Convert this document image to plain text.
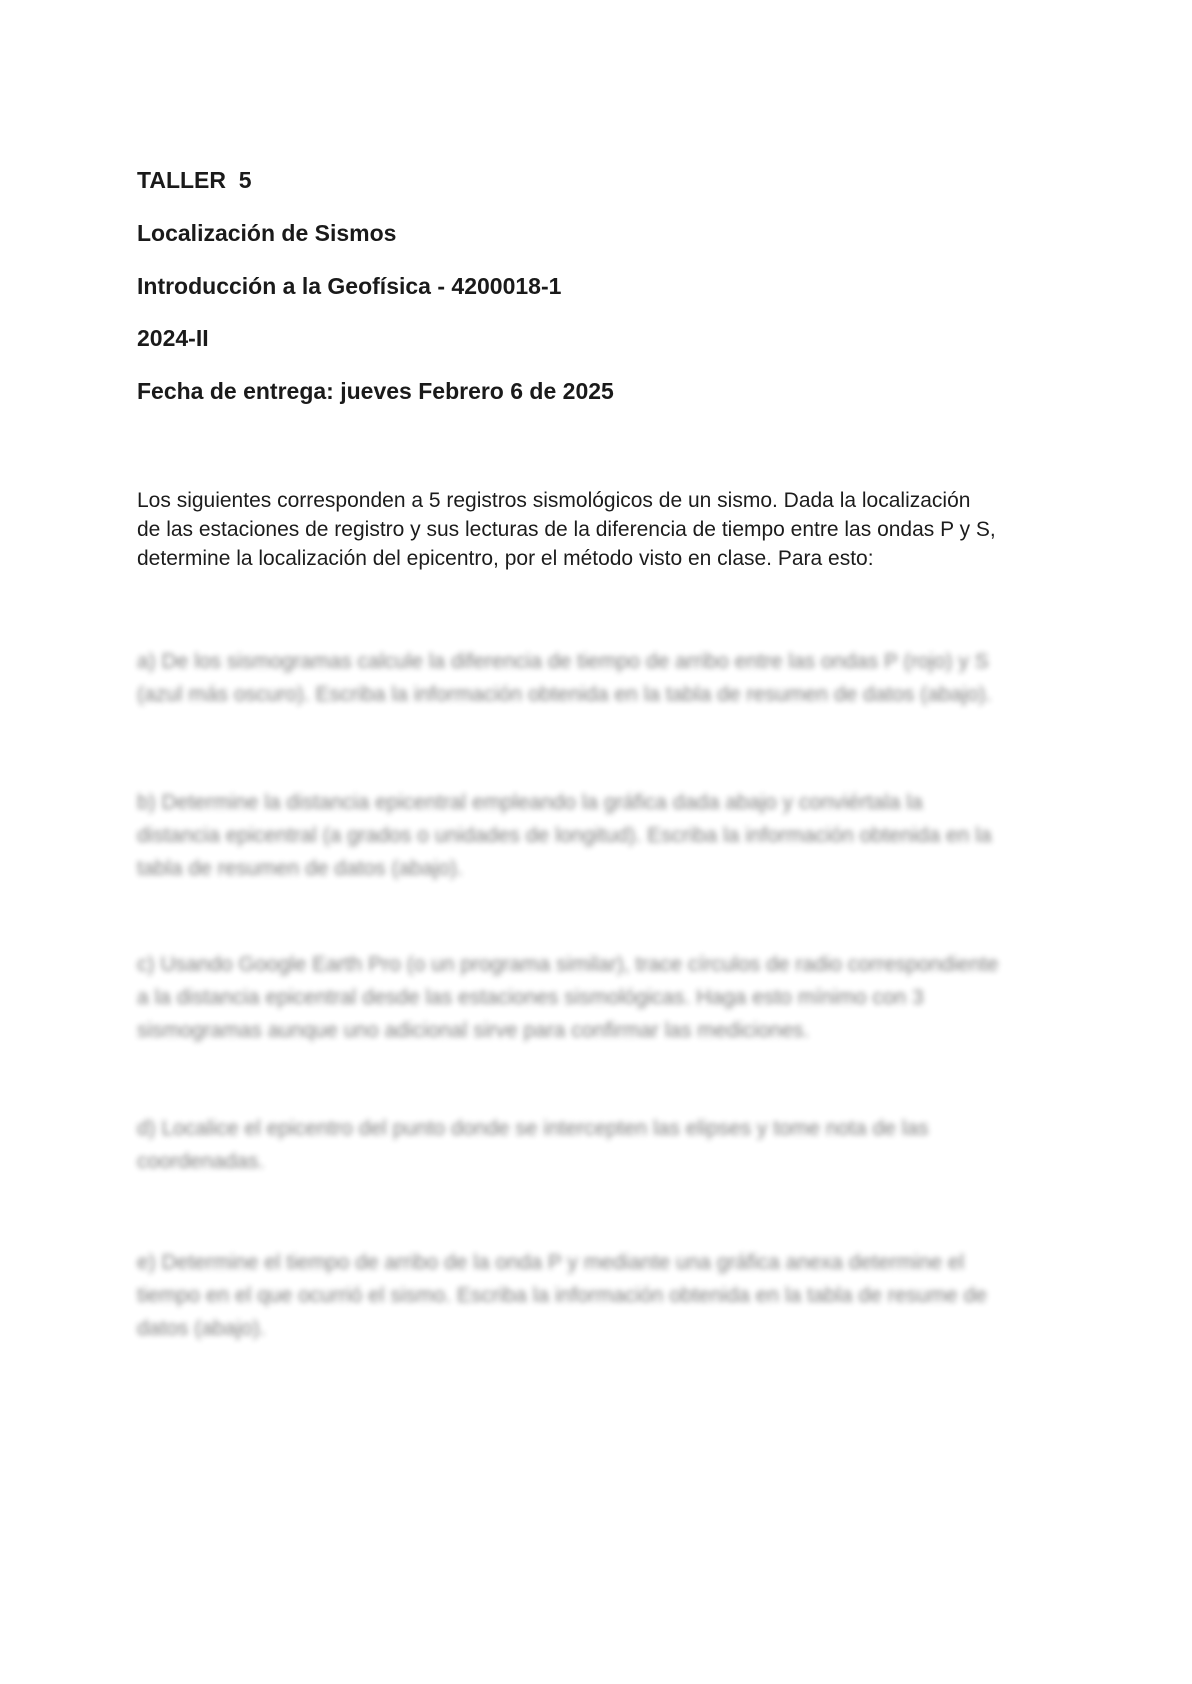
TALLER  5
Localización de Sismos
Introducción a la Geofísica - 4200018-1
2024-II
Fecha de entrega: jueves Febrero 6 de 2025
Los siguientes corresponden a 5 registros sismológicos de un sismo. Dada la localización
de las estaciones de registro y sus lecturas de la diferencia de tiempo entre las ondas P y S,
determine la localización del epicentro, por el método visto en clase. Para esto:
a) De los sismogramas calcule la diferencia de tiempo de arribo entre las ondas P (rojo) y S
(azul más oscuro). Escriba la información obtenida en la tabla de resumen de datos (abajo).
b) Determine la distancia epicentral empleando la gráfica dada abajo y conviértala la
distancia epicentral (a grados o unidades de longitud). Escriba la información obtenida en la
tabla de resumen de datos (abajo).
c) Usando Google Earth Pro (o un programa similar), trace círculos de radio correspondiente
a la distancia epicentral desde las estaciones sismológicas. Haga esto mínimo con 3
sismogramas aunque uno adicional sirve para confirmar las mediciones.
d) Localice el epicentro del punto donde se intercepten las elipses y tome nota de las
coordenadas.
e) Determine el tiempo de arribo de la onda P y mediante una gráfica anexa determine el
tiempo en el que ocurrió el sismo. Escriba la información obtenida en la tabla de resume de
datos (abajo).
